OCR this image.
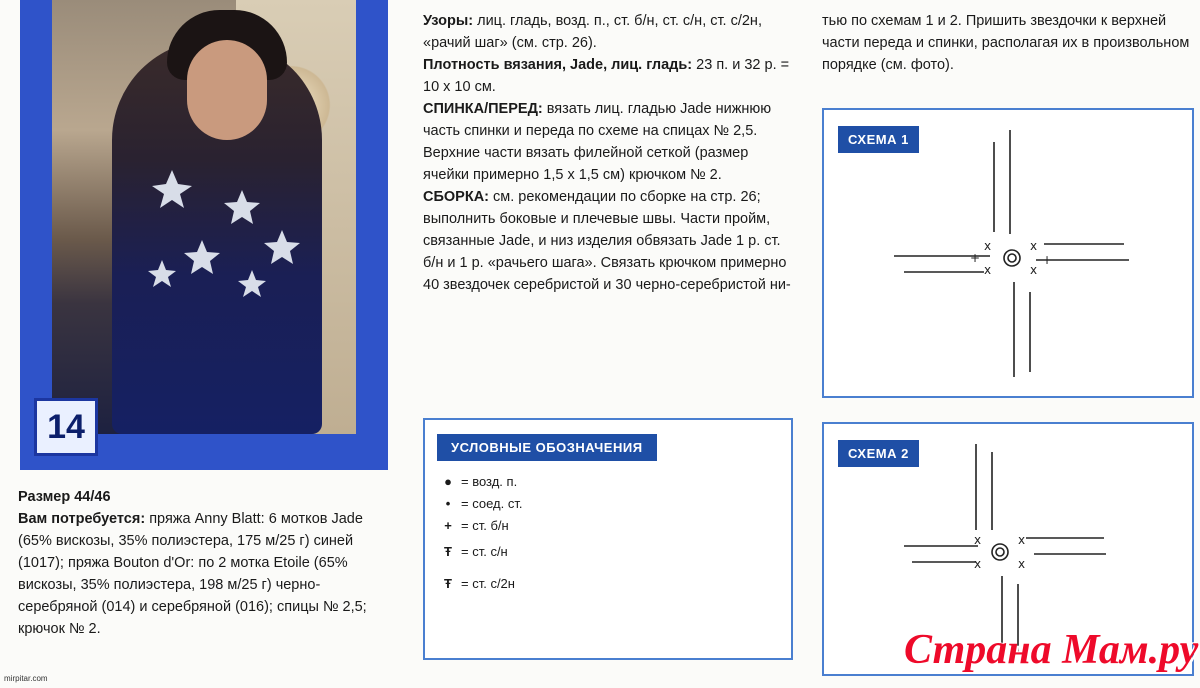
14
Размер 44/46
Вам потребуется: пряжа Anny Blatt: 6 мотков Jade (65% вискозы, 35% полиэстера, 175 м/25 г) синей (1017); пряжа Bouton d'Or: по 2 мотка Etoile (65% вискозы, 35% полиэстера, 198 м/25 г) черно-серебряной (014) и серебряной (016); спицы № 2,5; крючок № 2.
Узоры: лиц. гладь, возд. п., ст. б/н, ст. с/н, ст. с/2н, «рачий шаг» (см. стр. 26).
Плотность вязания, Jade, лиц. гладь: 23 п. и 32 р. = 10 х 10 см.
СПИНКА/ПЕРЕД: вязать лиц. гладью Jade нижнюю часть спинки и переда по схеме на спицах № 2,5. Верхние части вязать филейной сеткой (размер ячейки примерно 1,5 х 1,5 см) крючком № 2.
СБОРКА: см. рекомендации по сборке на стр. 26; выполнить боковые и плечевые швы. Части пройм, связанные Jade, и низ изделия обвязать Jade 1 р. ст. б/н и 1 р. «рачьего шага». Связать крючком примерно 40 звездочек серебристой и 30 черно-серебристой ни-
тью по схемам 1 и 2. Пришить звездочки к верхней части переда и спинки, располагая их в произвольном порядке (см. фото).
УСЛОВНЫЕ ОБОЗНАЧЕНИЯ
● = возд. п.
• = соед. ст.
+ = ст. б/н
Ŧ = ст. с/н
Ŧ = ст. с/2н
СХЕМА 1
x	x
x	x
+	+
СХЕМА 2
x	x
x	x
mirpitar.com
Страна Мам.ру
